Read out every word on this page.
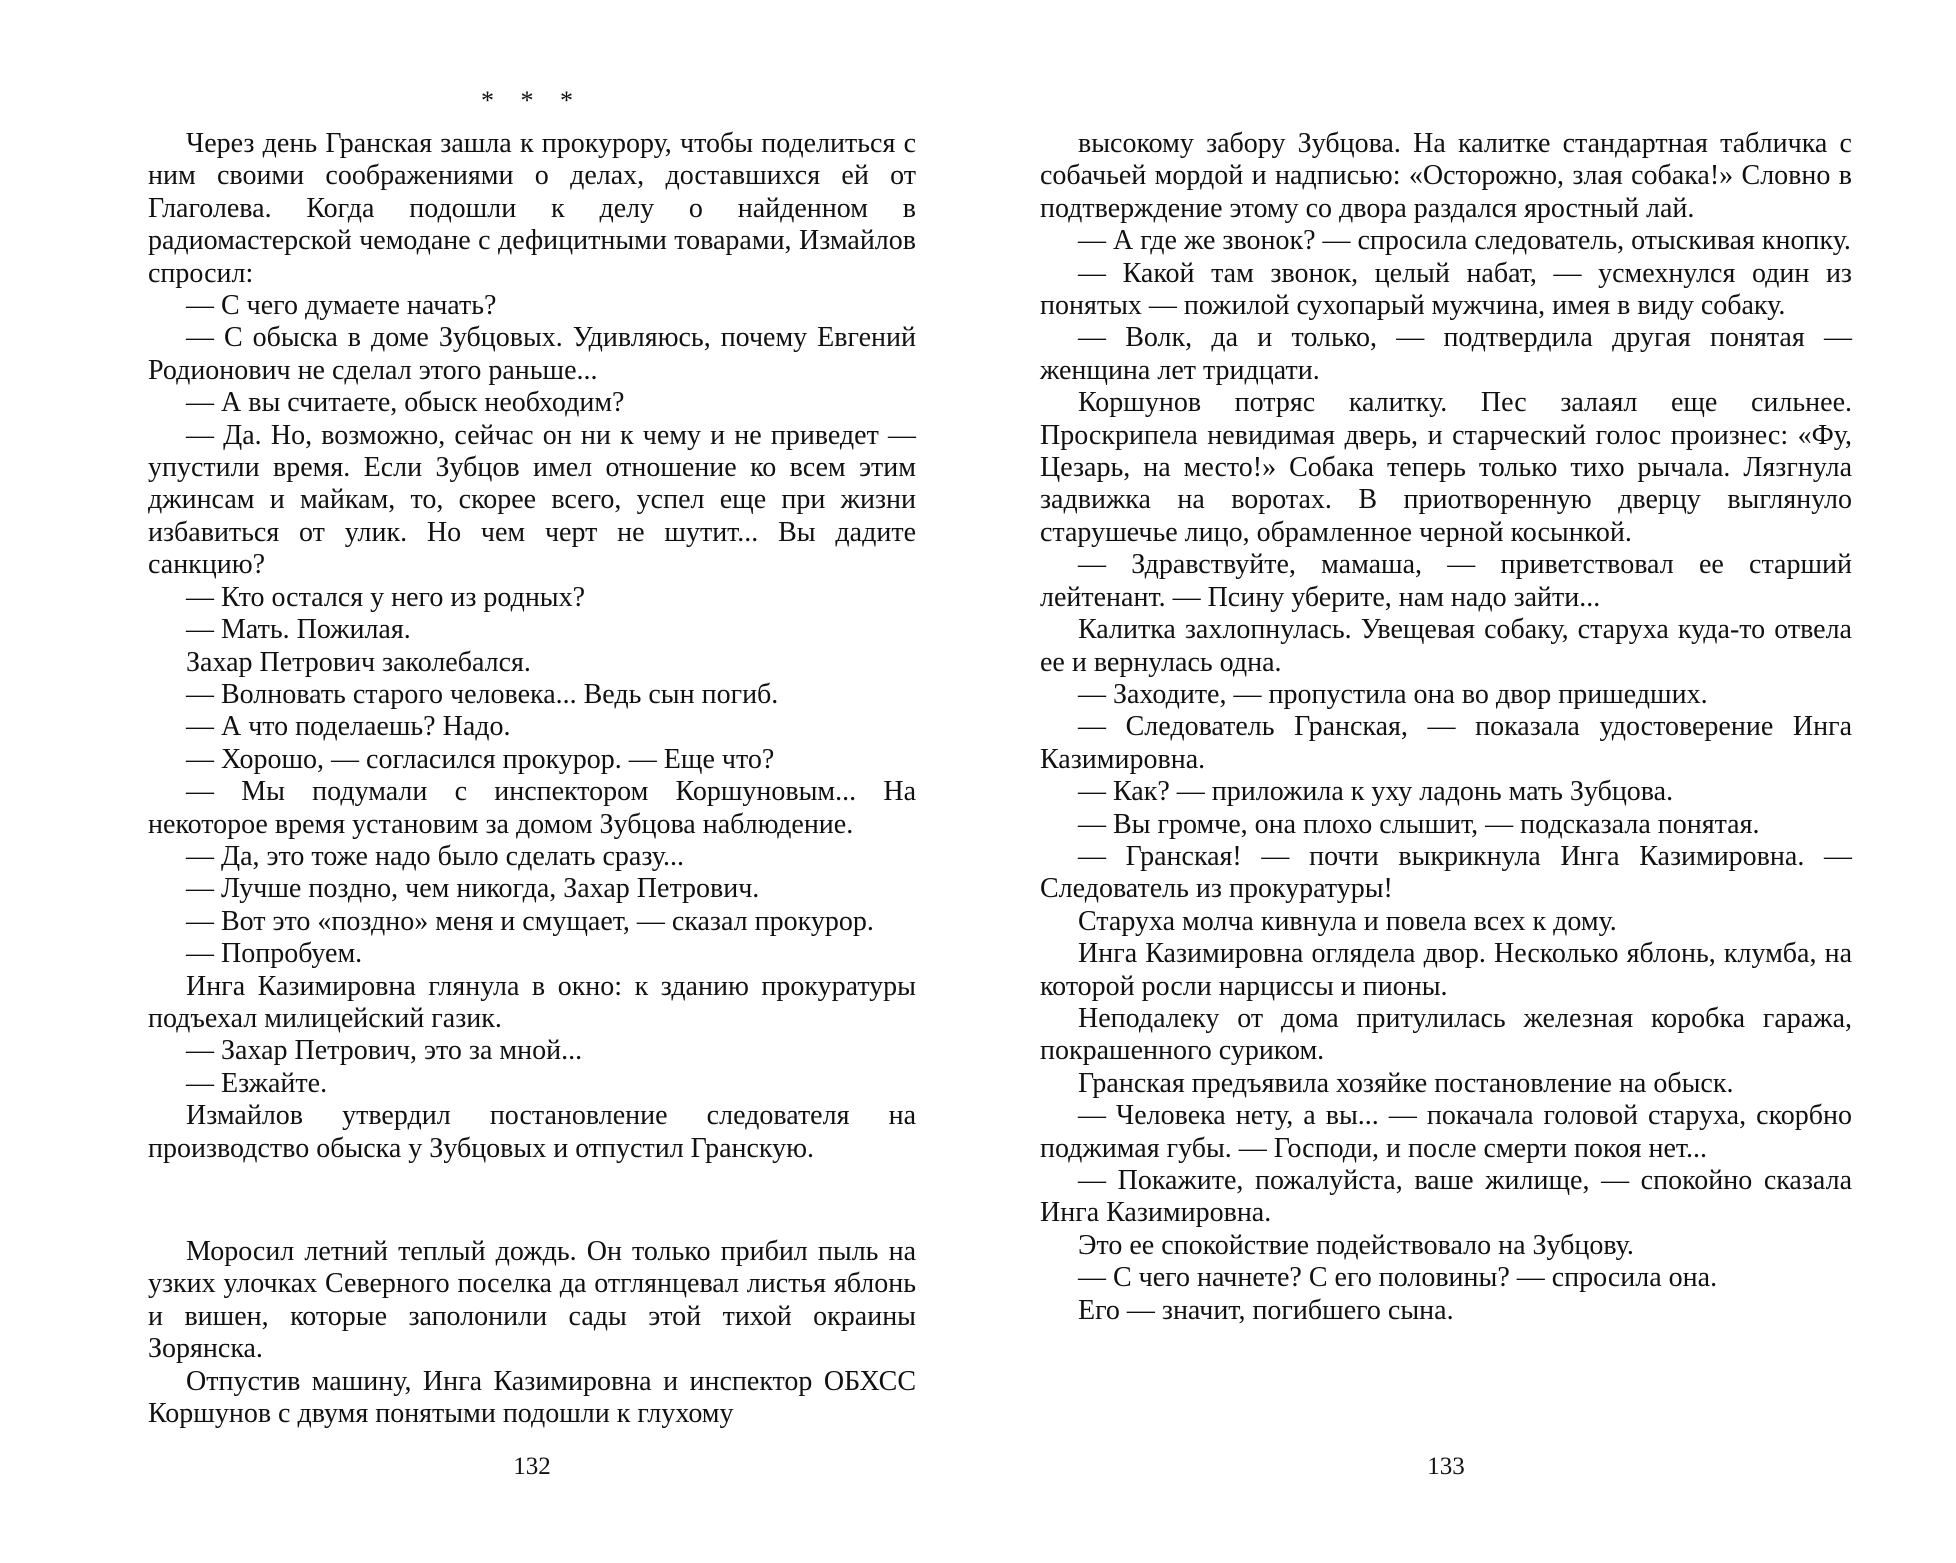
* * *

Через день Гранская зашла к прокурору, чтобы поделиться с ним своими соображениями о делах, доставшихся ей от Глаголева. Когда подошли к делу о найденном в радиомастерской чемодане с дефицитными товарами, Измайлов спросил:

— С чего думаете начать?

— С обыска в доме Зубцовых. Удивляюсь, почему Евгений Родионович не сделал этого раньше...

— А вы считаете, обыск необходим?

— Да. Но, возможно, сейчас он ни к чему и не приведет — упустили время. Если Зубцов имел отношение ко всем этим джинсам и майкам, то, скорее всего, успел еще при жизни избавиться от улик. Но чем черт не шутит... Вы дадите санкцию?

— Кто остался у него из родных?

— Мать. Пожилая.

Захар Петрович заколебался.

— Волновать старого человека... Ведь сын погиб.

— А что поделаешь? Надо.

— Хорошо, — согласился прокурор. — Еще что?

— Мы подумали с инспектором Коршуновым... На некоторое время установим за домом Зубцова наблюдение.

— Да, это тоже надо было сделать сразу...

— Лучше поздно, чем никогда, Захар Петрович.

— Вот это «поздно» меня и смущает, — сказал прокурор.

— Попробуем.

Инга Казимировна глянула в окно: к зданию прокуратуры подъехал милицейский газик.

— Захар Петрович, это за мной...

— Езжайте.

Измайлов утвердил постановление следователя на производство обыска у Зубцовых и отпустил Гранскую.

Моросил летний теплый дождь. Он только прибил пыль на узких улочках Северного поселка да отглянцевал листья яблонь и вишен, которые заполонили сады этой тихой окраины Зорянска.

Отпустив машину, Инга Казимировна и инспектор ОБХСС Коршунов с двумя понятыми подошли к глухому

132

высокому забору Зубцова. На калитке стандартная табличка с собачьей мордой и надписью: «Осторожно, злая собака!» Словно в подтверждение этому со двора раздался яростный лай.

— А где же звонок? — спросила следователь, отыскивая кнопку.

— Какой там звонок, целый набат, — усмехнулся один из понятых — пожилой сухопарый мужчина, имея в виду собаку.

— Волк, да и только, — подтвердила другая понятая — женщина лет тридцати.

Коршунов потряс калитку. Пес залаял еще сильнее. Проскрипела невидимая дверь, и старческий голос произнес: «Фу, Цезарь, на место!» Собака теперь только тихо рычала. Лязгнула задвижка на воротах. В приотворенную дверцу выглянуло старушечье лицо, обрамленное черной косынкой.

— Здравствуйте, мамаша, — приветствовал ее старший лейтенант. — Псину уберите, нам надо зайти...

Калитка захлопнулась. Увещевая собаку, старуха куда-то отвела ее и вернулась одна.

— Заходите, — пропустила она во двор пришедших.

— Следователь Гранская, — показала удостоверение Инга Казимировна.

— Как? — приложила к уху ладонь мать Зубцова.

— Вы громче, она плохо слышит, — подсказала понятая.

— Гранская! — почти выкрикнула Инга Казимировна. — Следователь из прокуратуры!

Старуха молча кивнула и повела всех к дому.

Инга Казимировна оглядела двор. Несколько яблонь, клумба, на которой росли нарциссы и пионы.

Неподалеку от дома притулилась железная коробка гаража, покрашенного суриком.

Гранская предъявила хозяйке постановление на обыск.

— Человека нету, а вы... — покачала головой старуха, скорбно поджимая губы. — Господи, и после смерти покоя нет...

— Покажите, пожалуйста, ваше жилище, — спокойно сказала Инга Казимировна.

Это ее спокойствие подействовало на Зубцову.

— С чего начнете? С его половины? — спросила она.

Его — значит, погибшего сына.

133
